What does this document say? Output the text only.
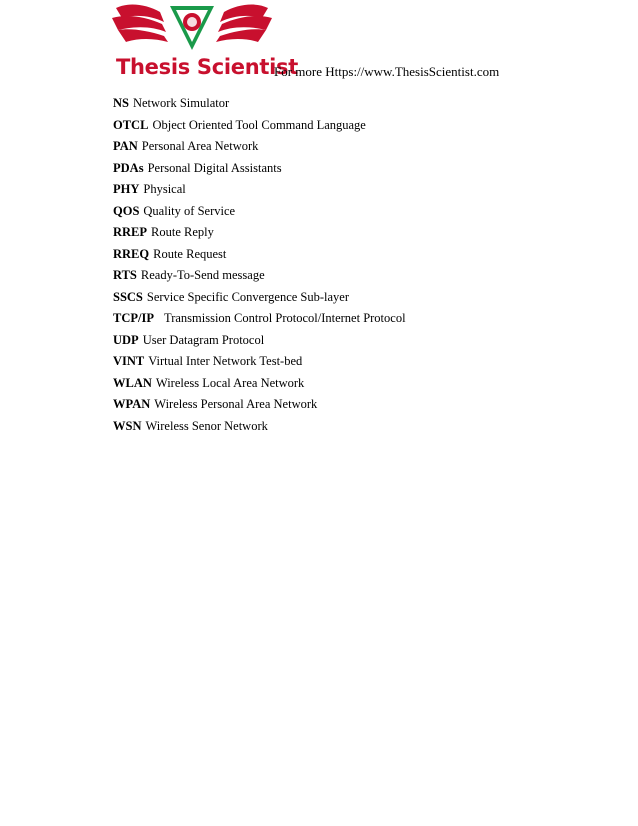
Thesis Scientist
For more Https://www.ThesisScientist.com
NS Network Simulator
OTCL Object Oriented Tool Command Language
PAN Personal Area Network
PDAs Personal Digital Assistants
PHY Physical
QOS Quality of Service
RREP Route Reply
RREQ Route Request
RTS Ready-To-Send message
SSCS Service Specific Convergence Sub-layer
TCP/IP  Transmission Control Protocol/Internet Protocol
UDP User Datagram Protocol
VINT Virtual Inter Network Test-bed
WLAN Wireless Local Area Network
WPAN Wireless Personal Area Network
WSN Wireless Senor Network
